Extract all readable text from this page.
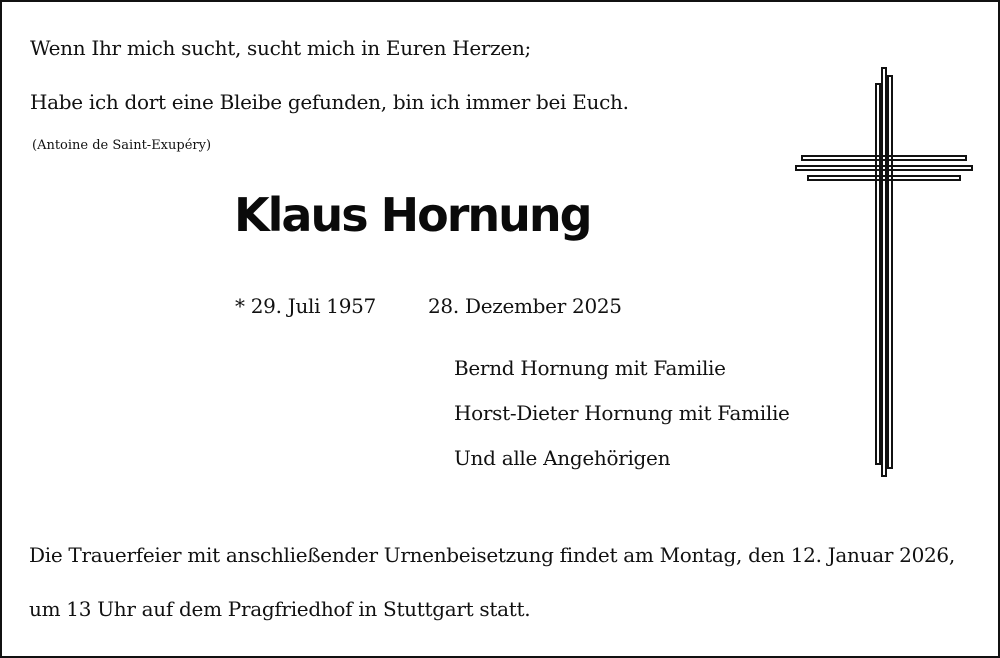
Wenn Ihr mich sucht, sucht mich in Euren Herzen;

Habe ich dort eine Bleibe gefunden, bin ich immer bei Euch.

(Antoine de Saint-Exupéry)

Klaus Hornung

* 29. Juli 1957	28. Dezember 2025

Bernd Hornung mit Familie

Horst-Dieter Hornung mit Familie

Und alle Angehörigen

Die Trauerfeier mit anschließender Urnenbeisetzung findet am Montag, den 12. Januar 2026,

um 13 Uhr auf dem Pragfriedhof in Stuttgart statt.
